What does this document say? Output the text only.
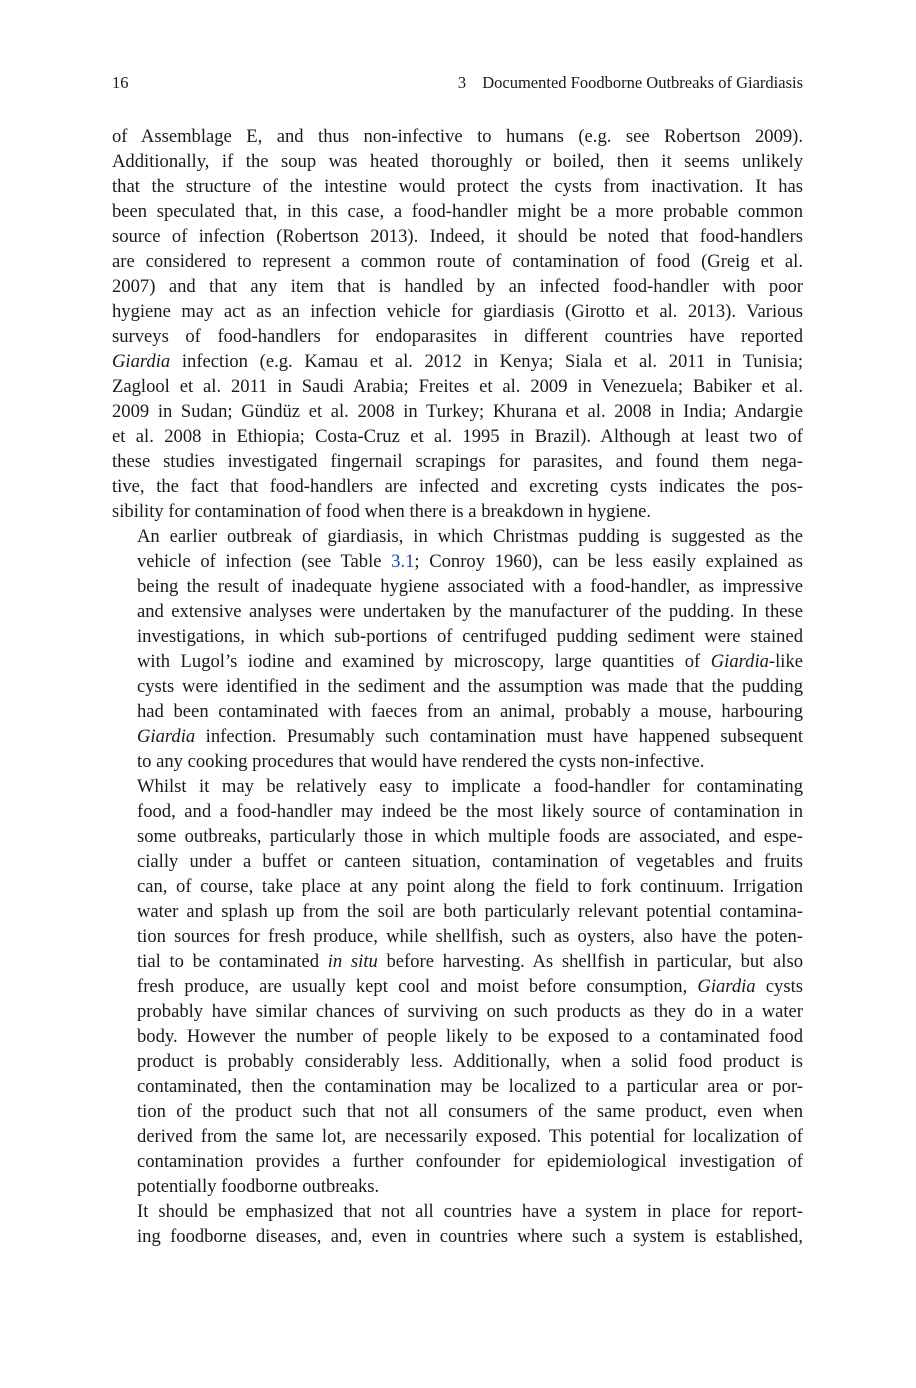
16	3 Documented Foodborne Outbreaks of Giardiasis

of Assemblage E, and thus non-infective to humans (e.g. see Robertson 2009).
Additionally, if the soup was heated thoroughly or boiled, then it seems unlikely
that the structure of the intestine would protect the cysts from inactivation. It has
been speculated that, in this case, a food-handler might be a more probable common
source of infection (Robertson 2013). Indeed, it should be noted that food-handlers
are considered to represent a common route of contamination of food (Greig et al.
2007) and that any item that is handled by an infected food-handler with poor
hygiene may act as an infection vehicle for giardiasis (Girotto et al. 2013). Various
surveys of food-handlers for endoparasites in different countries have reported
Giardia infection (e.g. Kamau et al. 2012 in Kenya; Siala et al. 2011 in Tunisia;
Zaglool et al. 2011 in Saudi Arabia; Freites et al. 2009 in Venezuela; Babiker et al.
2009 in Sudan; Gündüz et al. 2008 in Turkey; Khurana et al. 2008 in India; Andargie
et al. 2008 in Ethiopia; Costa-Cruz et al. 1995 in Brazil). Although at least two of
these studies investigated fingernail scrapings for parasites, and found them nega-
tive, the fact that food-handlers are infected and excreting cysts indicates the pos-
sibility for contamination of food when there is a breakdown in hygiene.

An earlier outbreak of giardiasis, in which Christmas pudding is suggested as the
vehicle of infection (see Table 3.1; Conroy 1960), can be less easily explained as
being the result of inadequate hygiene associated with a food-handler, as impressive
and extensive analyses were undertaken by the manufacturer of the pudding. In these
investigations, in which sub-portions of centrifuged pudding sediment were stained
with Lugol’s iodine and examined by microscopy, large quantities of Giardia-like
cysts were identified in the sediment and the assumption was made that the pudding
had been contaminated with faeces from an animal, probably a mouse, harbouring
Giardia infection. Presumably such contamination must have happened subsequent
to any cooking procedures that would have rendered the cysts non-infective.

Whilst it may be relatively easy to implicate a food-handler for contaminating
food, and a food-handler may indeed be the most likely source of contamination in
some outbreaks, particularly those in which multiple foods are associated, and espe-
cially under a buffet or canteen situation, contamination of vegetables and fruits
can, of course, take place at any point along the field to fork continuum. Irrigation
water and splash up from the soil are both particularly relevant potential contamina-
tion sources for fresh produce, while shellfish, such as oysters, also have the poten-
tial to be contaminated in situ before harvesting. As shellfish in particular, but also
fresh produce, are usually kept cool and moist before consumption, Giardia cysts
probably have similar chances of surviving on such products as they do in a water
body. However the number of people likely to be exposed to a contaminated food
product is probably considerably less. Additionally, when a solid food product is
contaminated, then the contamination may be localized to a particular area or por-
tion of the product such that not all consumers of the same product, even when
derived from the same lot, are necessarily exposed. This potential for localization of
contamination provides a further confounder for epidemiological investigation of
potentially foodborne outbreaks.

It should be emphasized that not all countries have a system in place for report-
ing foodborne diseases, and, even in countries where such a system is established,
